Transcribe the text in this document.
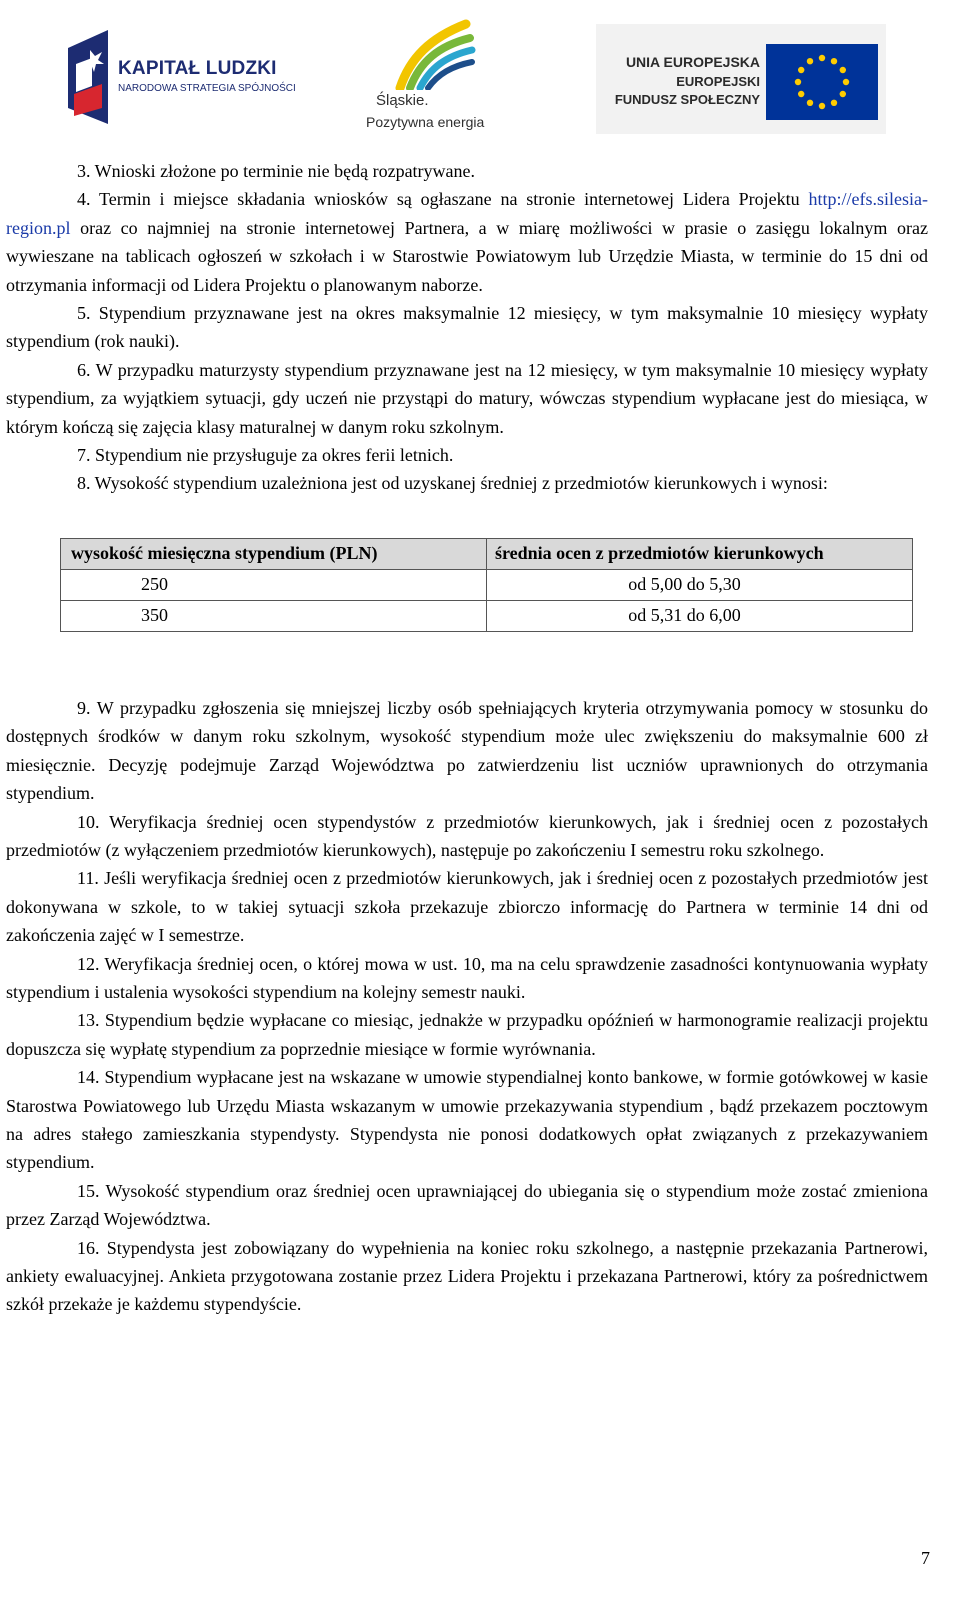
KAPITAŁ LUDZKI
NARODOWA STRATEGIA SPÓJNOŚCI
Śląskie.
Pozytywna energia
UNIA EUROPEJSKA
EUROPEJSKI
FUNDUSZ SPOŁECZNY

3. Wnioski złożone po terminie nie będą rozpatrywane.

4. Termin i miejsce składania wniosków są ogłaszane na stronie internetowej Lidera Projektu http://efs.silesia-region.pl oraz co najmniej na stronie internetowej Partnera, a w miarę możliwości w prasie o zasięgu lokalnym oraz wywieszane na tablicach ogłoszeń w szkołach i w Starostwie Powiatowym lub Urzędzie Miasta, w terminie do 15 dni od otrzymania informacji od Lidera Projektu o planowanym naborze.

5. Stypendium przyznawane jest na okres maksymalnie 12 miesięcy, w tym maksymalnie 10 miesięcy wypłaty stypendium (rok nauki).

6. W przypadku maturzysty stypendium przyznawane jest na 12 miesięcy, w tym maksymalnie 10 miesięcy wypłaty stypendium, za wyjątkiem sytuacji, gdy uczeń nie przystąpi do matury, wówczas stypendium wypłacane jest do miesiąca, w którym kończą się zajęcia klasy maturalnej w danym roku szkolnym.

7. Stypendium nie przysługuje za okres ferii letnich.

8. Wysokość stypendium uzależniona jest od uzyskanej średniej z przedmiotów kierunkowych i wynosi:

wysokość miesięczna stypendium (PLN)	średnia ocen z przedmiotów kierunkowych
250	od 5,00 do 5,30
350	od 5,31 do 6,00

9. W przypadku zgłoszenia się mniejszej liczby osób spełniających kryteria otrzymywania pomocy w stosunku do dostępnych środków w danym roku szkolnym, wysokość stypendium może ulec zwiększeniu do maksymalnie 600 zł miesięcznie. Decyzję podejmuje Zarząd Województwa po zatwierdzeniu list uczniów uprawnionych do otrzymania stypendium.

10. Weryfikacja średniej ocen stypendystów z przedmiotów kierunkowych, jak i średniej ocen z pozostałych przedmiotów (z wyłączeniem przedmiotów kierunkowych), następuje po zakończeniu I semestru roku szkolnego.

11. Jeśli weryfikacja średniej ocen z przedmiotów kierunkowych, jak i średniej ocen z pozostałych przedmiotów jest dokonywana w szkole, to w takiej sytuacji szkoła przekazuje zbiorczo informację do Partnera w terminie 14 dni od zakończenia zajęć w I semestrze.

12. Weryfikacja średniej ocen, o której mowa w ust. 10, ma na celu sprawdzenie zasadności kontynuowania wypłaty stypendium i ustalenia wysokości stypendium na kolejny semestr nauki.

13. Stypendium będzie wypłacane co miesiąc, jednakże w przypadku opóźnień w harmonogramie realizacji projektu dopuszcza się wypłatę stypendium za poprzednie miesiące w formie wyrównania.

14. Stypendium wypłacane jest na wskazane w umowie stypendialnej konto bankowe, w formie gotówkowej w kasie Starostwa Powiatowego lub Urzędu Miasta wskazanym w umowie przekazywania stypendium , bądź przekazem pocztowym na adres stałego zamieszkania stypendysty. Stypendysta nie ponosi dodatkowych opłat związanych z przekazywaniem stypendium.

15. Wysokość stypendium oraz średniej ocen uprawniającej do ubiegania się o stypendium może zostać zmieniona przez Zarząd Województwa.

16. Stypendysta jest zobowiązany do wypełnienia na koniec roku szkolnego, a następnie przekazania Partnerowi, ankiety ewaluacyjnej. Ankieta przygotowana zostanie przez Lidera Projektu i przekazana Partnerowi, który za pośrednictwem szkół przekaże je każdemu stypendyście.

7
